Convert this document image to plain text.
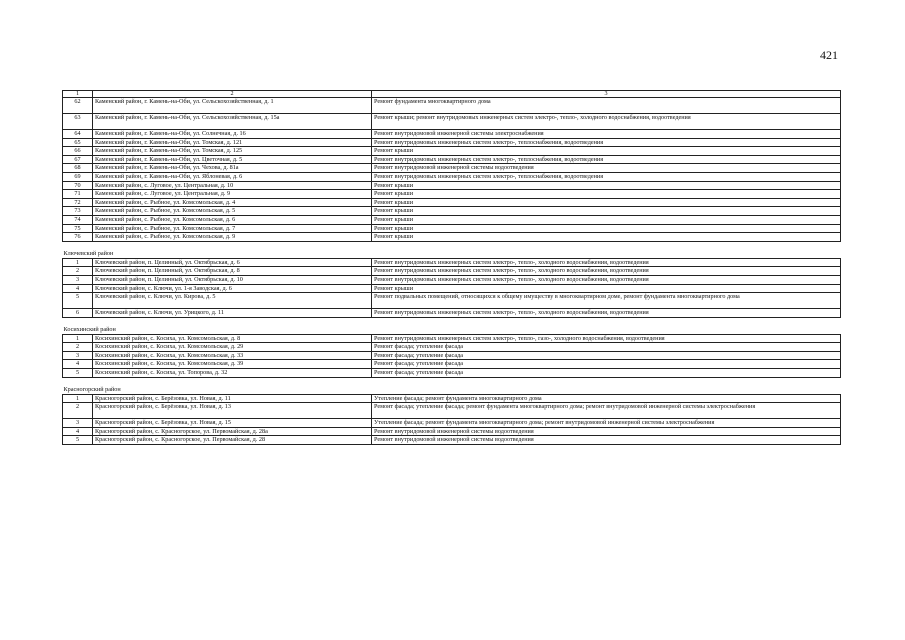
421
1	2	3
62	Каменский район, г. Камень-на-Оби, ул. Сельскохозяйственная, д. 1	Ремонт фундамента многоквартирного дома
63	Каменский район, г. Камень-на-Оби, ул. Сельскохозяйственная, д. 15а	Ремонт крыши; ремонт внутридомовых инженерных систем электро-, тепло-, холодного водоснабжения, водоотведения
64	Каменский район, г. Камень-на-Оби, ул. Солнечная, д. 16	Ремонт внутридомовой инженерной системы электроснабжения
65	Каменский район, г. Камень-на-Оби, ул. Томская, д. 121	Ремонт внутридомовых инженерных систем электро-, теплоснабжения, водоотведения
66	Каменский район, г. Камень-на-Оби, ул. Томская, д. 125	Ремонт крыши
67	Каменский район, г. Камень-на-Оби, ул. Цветочная, д. 5	Ремонт внутридомовых инженерных систем электро-, теплоснабжения, водоотведения
68	Каменский район, г. Камень-на-Оби, ул. Чехова, д. 81а	Ремонт внутридомовой инженерной системы водоотведения
69	Каменский район, г. Камень-на-Оби, ул. Яблоневая, д. 6	Ремонт внутридомовых инженерных систем электро-, теплоснабжения, водоотведения
70	Каменский район, с. Луговое, ул. Центральная, д. 10	Ремонт крыши
71	Каменский район, с. Луговое, ул. Центральная, д. 9	Ремонт крыши
72	Каменский район, с. Рыбное, ул. Комсомольская, д. 4	Ремонт крыши
73	Каменский район, с. Рыбное, ул. Комсомольская, д. 5	Ремонт крыши
74	Каменский район, с. Рыбное, ул. Комсомольская, д. 6	Ремонт крыши
75	Каменский район, с. Рыбное, ул. Комсомольская, д. 7	Ремонт крыши
76	Каменский район, с. Рыбное, ул. Комсомольская, д. 9	Ремонт крыши

Ключевский район		
1	Ключевский район, п. Целинный, ул. Октябрьская, д. 6	Ремонт внутридомовых инженерных систем электро-, тепло-, холодного водоснабжения, водоотведения
2	Ключевский район, п. Целинный, ул. Октябрьская, д. 8	Ремонт внутридомовых инженерных систем электро-, тепло-, холодного водоснабжения, водоотведения
3	Ключевский район, п. Целинный, ул. Октябрьская, д. 10	Ремонт внутридомовых инженерных систем электро-, тепло-, холодного водоснабжения, водоотведения
4	Ключевский район, с. Ключи, ул. 1-я Заводская, д. 6	Ремонт крыши
5	Ключевский район, с. Ключи, ул. Кирова, д. 5	Ремонт подвальных помещений, относящихся к общему имуществу в многоквартирном доме, ремонт фундамента многоквартирного дома
6	Ключевский район, с. Ключи, ул. Урицкого, д. 11	Ремонт внутридомовых инженерных систем электро-, тепло-, холодного водоснабжения, водоотведения

Косихинский район		
1	Косихинский район, с. Косиха, ул. Комсомольская, д. 8	Ремонт внутридомовых инженерных систем электро-, тепло-, газо-, холодного водоснабжения, водоотведения
2	Косихинский район, с. Косиха, ул. Комсомольская, д. 29	Ремонт фасада; утепление фасада
3	Косихинский район, с. Косиха, ул. Комсомольская, д. 33	Ремонт фасада; утепление фасада
4	Косихинский район, с. Косиха, ул. Комсомольская, д. 39	Ремонт фасада; утепление фасада
5	Косихинский район, с. Косиха, ул. Топорова, д. 32	Ремонт фасада; утепление фасада

Красногорский район		
1	Красногорский район, с. Берёзовка, ул. Новая, д. 11	Утепление фасада; ремонт фундамента многоквартирного дома
2	Красногорский район, с. Берёзовка, ул. Новая, д. 13	Ремонт фасада; утепление фасада; ремонт фундамента многоквартирного дома; ремонт внутридомовой инженерной системы электроснабжения
3	Красногорский район, с. Берёзовка, ул. Новая, д. 15	Утепление фасада; ремонт фундамента многоквартирного дома; ремонт внутридомовой инженерной системы электроснабжения
4	Красногорский район, с. Красногорское, ул. Первомайская, д. 28а	Ремонт внутридомовой инженерной системы водоотведения
5	Красногорский район, с. Красногорское, ул. Первомайская, д. 28	Ремонт внутридомовой инженерной системы водоотведения
